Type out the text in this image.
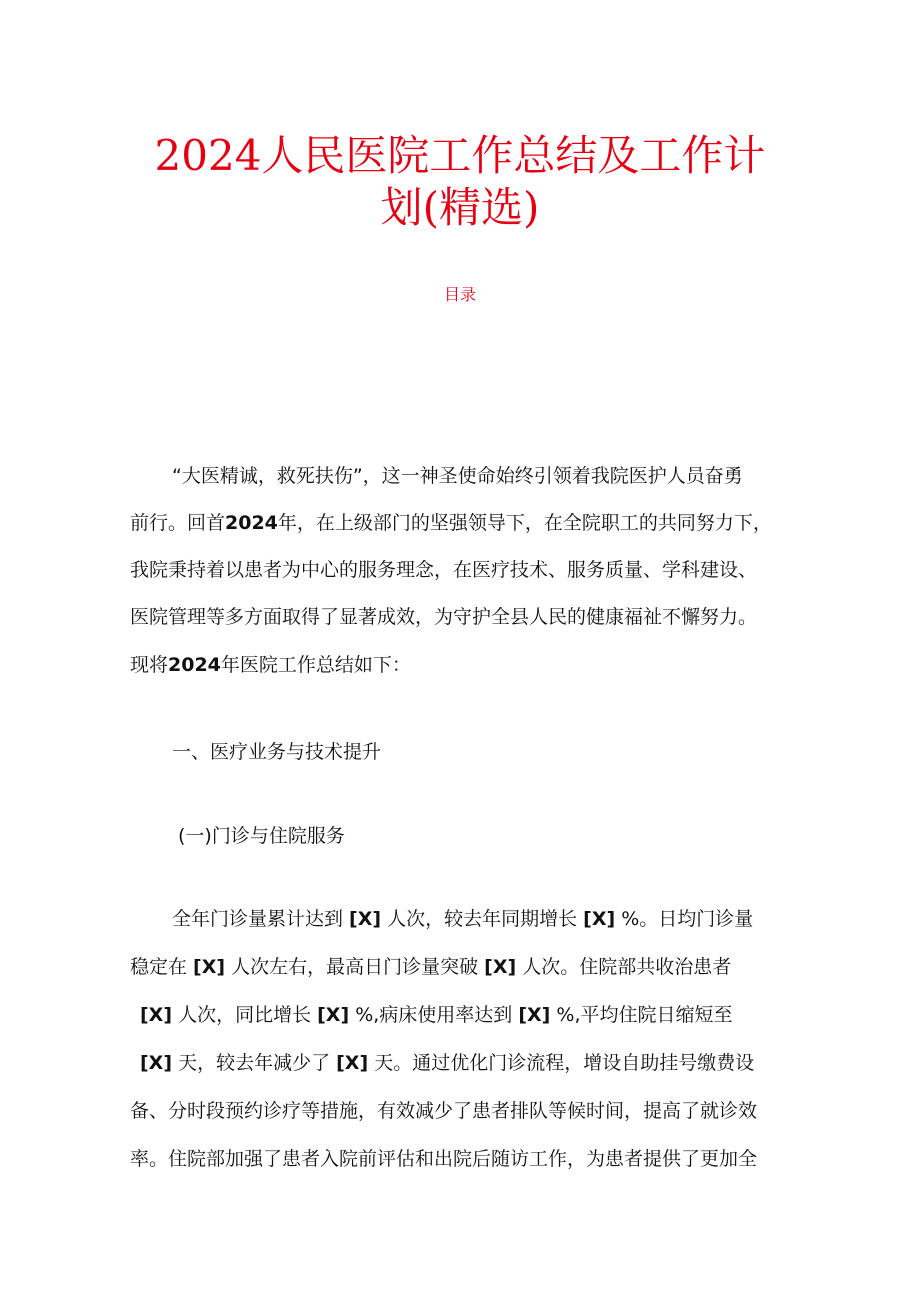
2024人民医院工作总结及工作计
划(精选)
目录
“大医精诚，救死扶伤”，这一神圣使命始终引领着我院医护人员奋勇
前行。回首2024年，在上级部门的坚强领导下，在全院职工的共同努力下，
我院秉持着以患者为中心的服务理念，在医疗技术、服务质量、学科建设、
医院管理等多方面取得了显著成效，为守护全县人民的健康福祉不懈努力。
现将2024年医院工作总结如下：
一、医疗业务与技术提升
(一)门诊与住院服务
全年门诊量累计达到 [X] 人次，较去年同期增长 [X] %。日均门诊量
稳定在 [X] 人次左右，最高日门诊量突破 [X] 人次。住院部共收治患者
[X] 人次，同比增长 [X] %,病床使用率达到 [X] %,平均住院日缩短至
[X] 天，较去年减少了 [X] 天。通过优化门诊流程，增设自助挂号缴费设
备、分时段预约诊疗等措施，有效减少了患者排队等候时间，提高了就诊效
率。住院部加强了患者入院前评估和出院后随访工作，为患者提供了更加全
